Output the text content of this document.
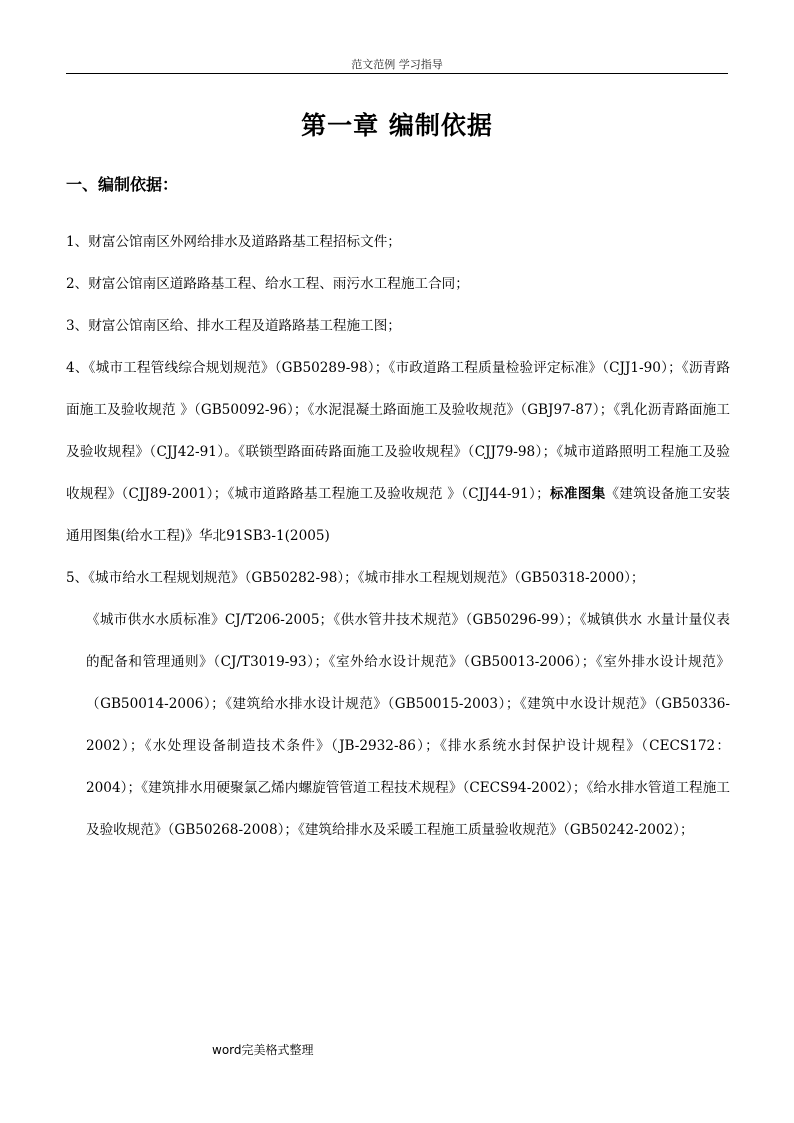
范文范例 学习指导
第一章 编制依据
一、编制依据：

1、财富公馆南区外网给排水及道路路基工程招标文件；

2、财富公馆南区道路路基工程、给水工程、雨污水工程施工合同；

3、财富公馆南区给、排水工程及道路路基工程施工图；

4、《城市工程管线综合规划规范》（GB50289-98）；《市政道路工程质量检验评定标准》（CJJ1-90）；《沥青路面施工及验收规范 》（GB50092-96）；《水泥混凝土路面施工及验收规范》（GBJ97-87）；《乳化沥青路面施工及验收规程》（CJJ42-91）。《联锁型路面砖路面施工及验收规程》（CJJ79-98）；《城市道路照明工程施工及验收规程》（CJJ89-2001）；《城市道路路基工程施工及验收规范 》（CJJ44-91）；标准图集《建筑设备施工安装通用图集(给水工程)》华北91SB3-1(2005)

5、《城市给水工程规划规范》（GB50282-98）；《城市排水工程规划规范》（GB50318-2000）；
《城市供水水质标准》CJ/T206-2005；《供水管井技术规范》（GB50296-99）；《城镇供水 水量计量仪表的配备和管理通则》（CJ/T3019-93）；《室外给水设计规范》（GB50013-2006）；《室外排水设计规范》（GB50014-2006）；《建筑给水排水设计规范》（GB50015-2003）；《建筑中水设计规范》（GB50336-2002）；《水处理设备制造技术条件》（JB-2932-86）；《排水系统水封保护设计规程》（CECS172：2004）；《建筑排水用硬聚氯乙烯内螺旋管管道工程技术规程》（CECS94-2002）；《给水排水管道工程施工及验收规范》（GB50268-2008）；《建筑给排水及采暖工程施工质量验收规范》（GB50242-2002）；

word完美格式整理
